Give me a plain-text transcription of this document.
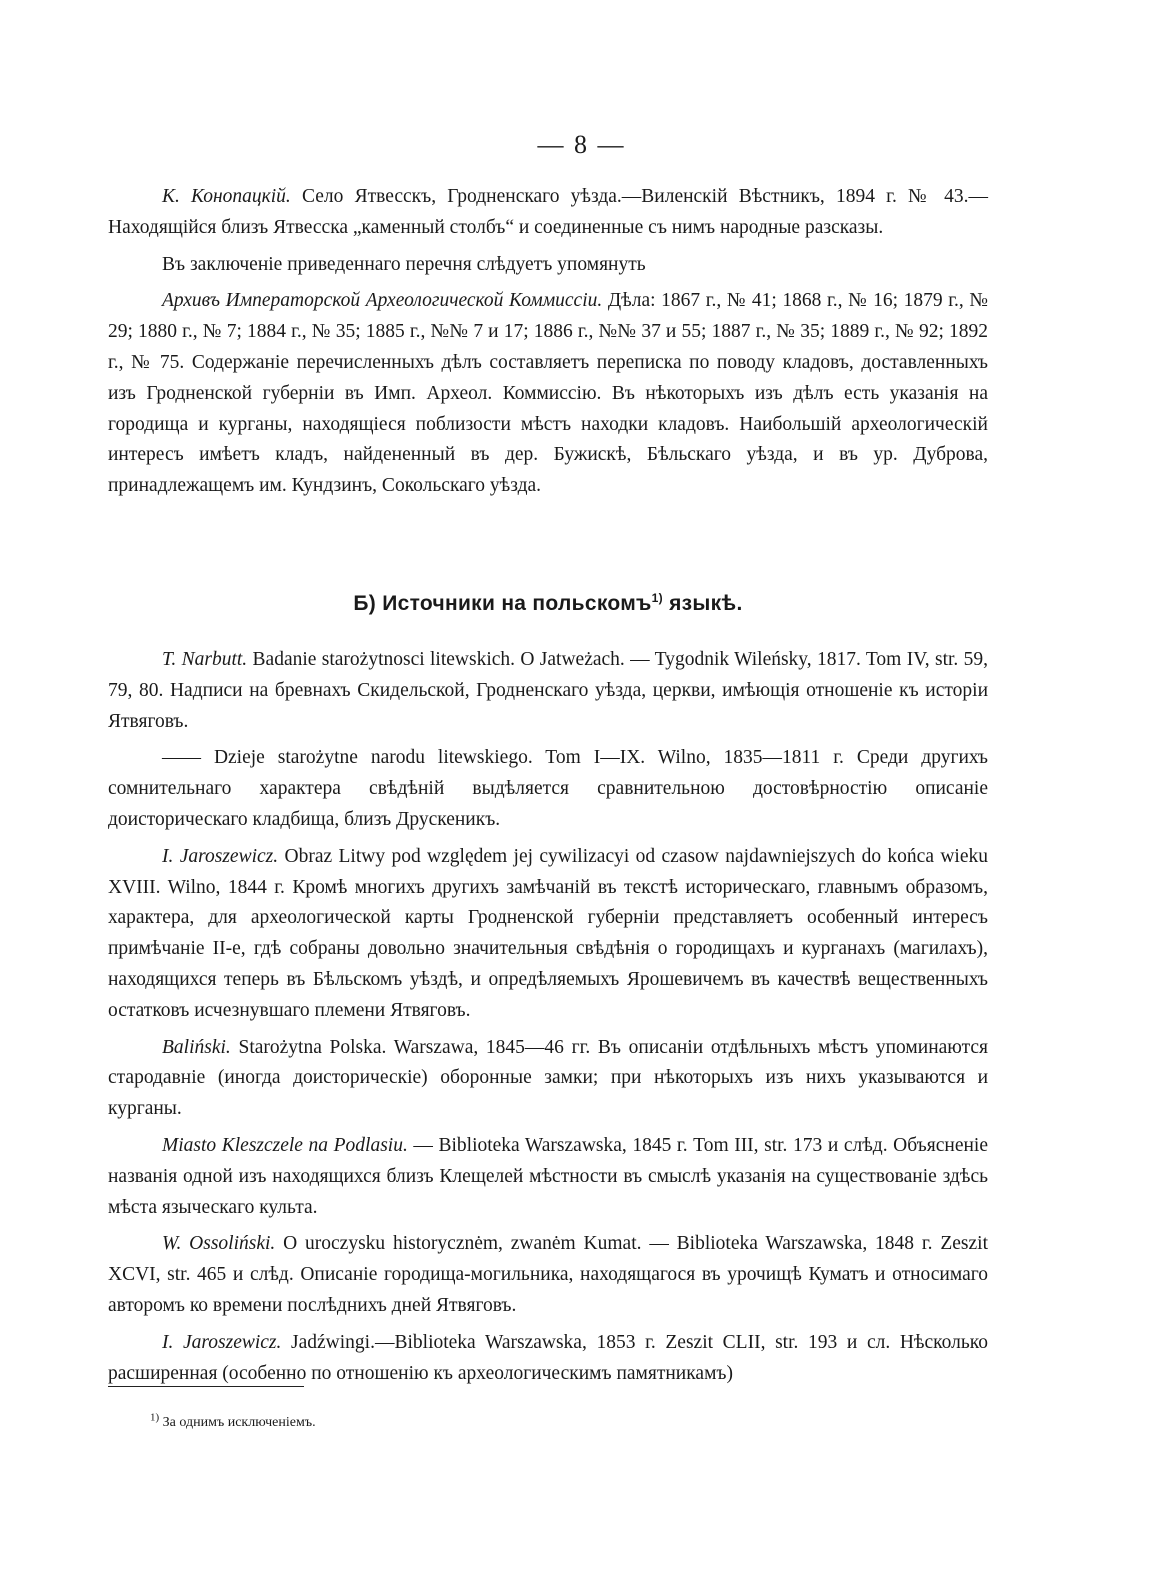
— 8 —

К. Конопацкій. Село Ятвесскъ, Гродненскаго уѣзда.—Виленскій Вѣстникъ, 1894 г. № 43.—Находящійся близъ Ятвесска „каменный столбъ“ и соединенные съ нимъ народные разсказы.

Въ заключеніе приведеннаго перечня слѣдуетъ упомянуть

Архивъ Императорской Археологической Коммиссіи. Дѣла: 1867 г., № 41; 1868 г., № 16; 1879 г., № 29; 1880 г., № 7; 1884 г., № 35; 1885 г., №№ 7 и 17; 1886 г., №№ 37 и 55; 1887 г., № 35; 1889 г., № 92; 1892 г., № 75. Содержаніе перечисленныхъ дѣлъ составляетъ переписка по поводу кладовъ, доставленныхъ изъ Гродненской губерніи въ Имп. Археол. Коммиссію. Въ нѣкоторыхъ изъ дѣлъ есть указанія на городища и курганы, находящіеся поблизости мѣстъ находки кладовъ. Наибольшій археологическій интересъ имѣетъ кладъ, найдененный въ дер. Бужискѣ, Бѣльскаго уѣзда, и въ ур. Дуброва, принадлежащемъ им. Кундзинъ, Сокольскаго уѣзда.

Б) Источники на польскомъ$^{1)}$ языкѣ.

T. Narbutt. Badanie starożytnosci litewskich. O Jatweżach. — Tygodnik Wileńsky, 1817. Tom IV, str. 59, 79, 80. Надписи на бревнахъ Скидельской, Гродненскаго уѣзда, церкви, имѣющія отношеніе къ исторіи Ятвяговъ.

—— Dzieje starożytne narodu litewskiego. Tom I—IX. Wilno, 1835—1811 г. Среди другихъ сомнительнаго характера свѣдѣній выдѣляется сравнительною достовѣрностію описаніе доисторическаго кладбища, близъ Друскеникъ.

I. Jaroszewicz. Obraz Litwy pod względem jej cywilizacyi od czasow najdawniejszych do końca wieku XVIII. Wilno, 1844 г. Кромѣ многихъ другихъ замѣчаній въ текстѣ историческаго, главнымъ образомъ, характера, для археологической карты Гродненской губерніи представляетъ особенный интересъ примѣчаніе II-е, гдѣ собраны довольно значительныя свѣдѣнія о городищахъ и курганахъ (магилахъ), находящихся теперь въ Бѣльскомъ уѣздѣ, и опредѣляемыхъ Ярошевичемъ въ качествѣ вещественныхъ остатковъ исчезнувшаго племени Ятвяговъ.

Baliński. Starożytna Polska. Warszawa, 1845—46 гг. Въ описаніи отдѣльныхъ мѣстъ упоминаются стародавніе (иногда доисторическіе) оборонные замки; при нѣкоторыхъ изъ нихъ указываются и курганы.

Miasto Kleszczele na Podlasiu. — Biblioteka Warszawska, 1845 г. Tom III, str. 173 и слѣд. Объясненіе названія одной изъ находящихся близъ Клещелей мѣстности въ смыслѣ указанія на существованіе здѣсь мѣста языческаго культа.

W. Ossoliński. O uroczysku historycznėm, zwanėm Kumat. — Biblioteka Warszawska, 1848 г. Zeszit XCVI, str. 465 и слѣд. Описаніе городища-могильника, находящагося въ урочищѣ Куматъ и относимаго авторомъ ко времени послѣднихъ дней Ятвяговъ.

I. Jaroszewicz. Jadźwingi.—Biblioteka Warszawska, 1853 г. Zeszit CLII, str. 193 и сл. Нѣсколько расширенная (особенно по отношенію къ археологическимъ памятникамъ)

$^{1)}$ За однимъ исключеніемъ.
